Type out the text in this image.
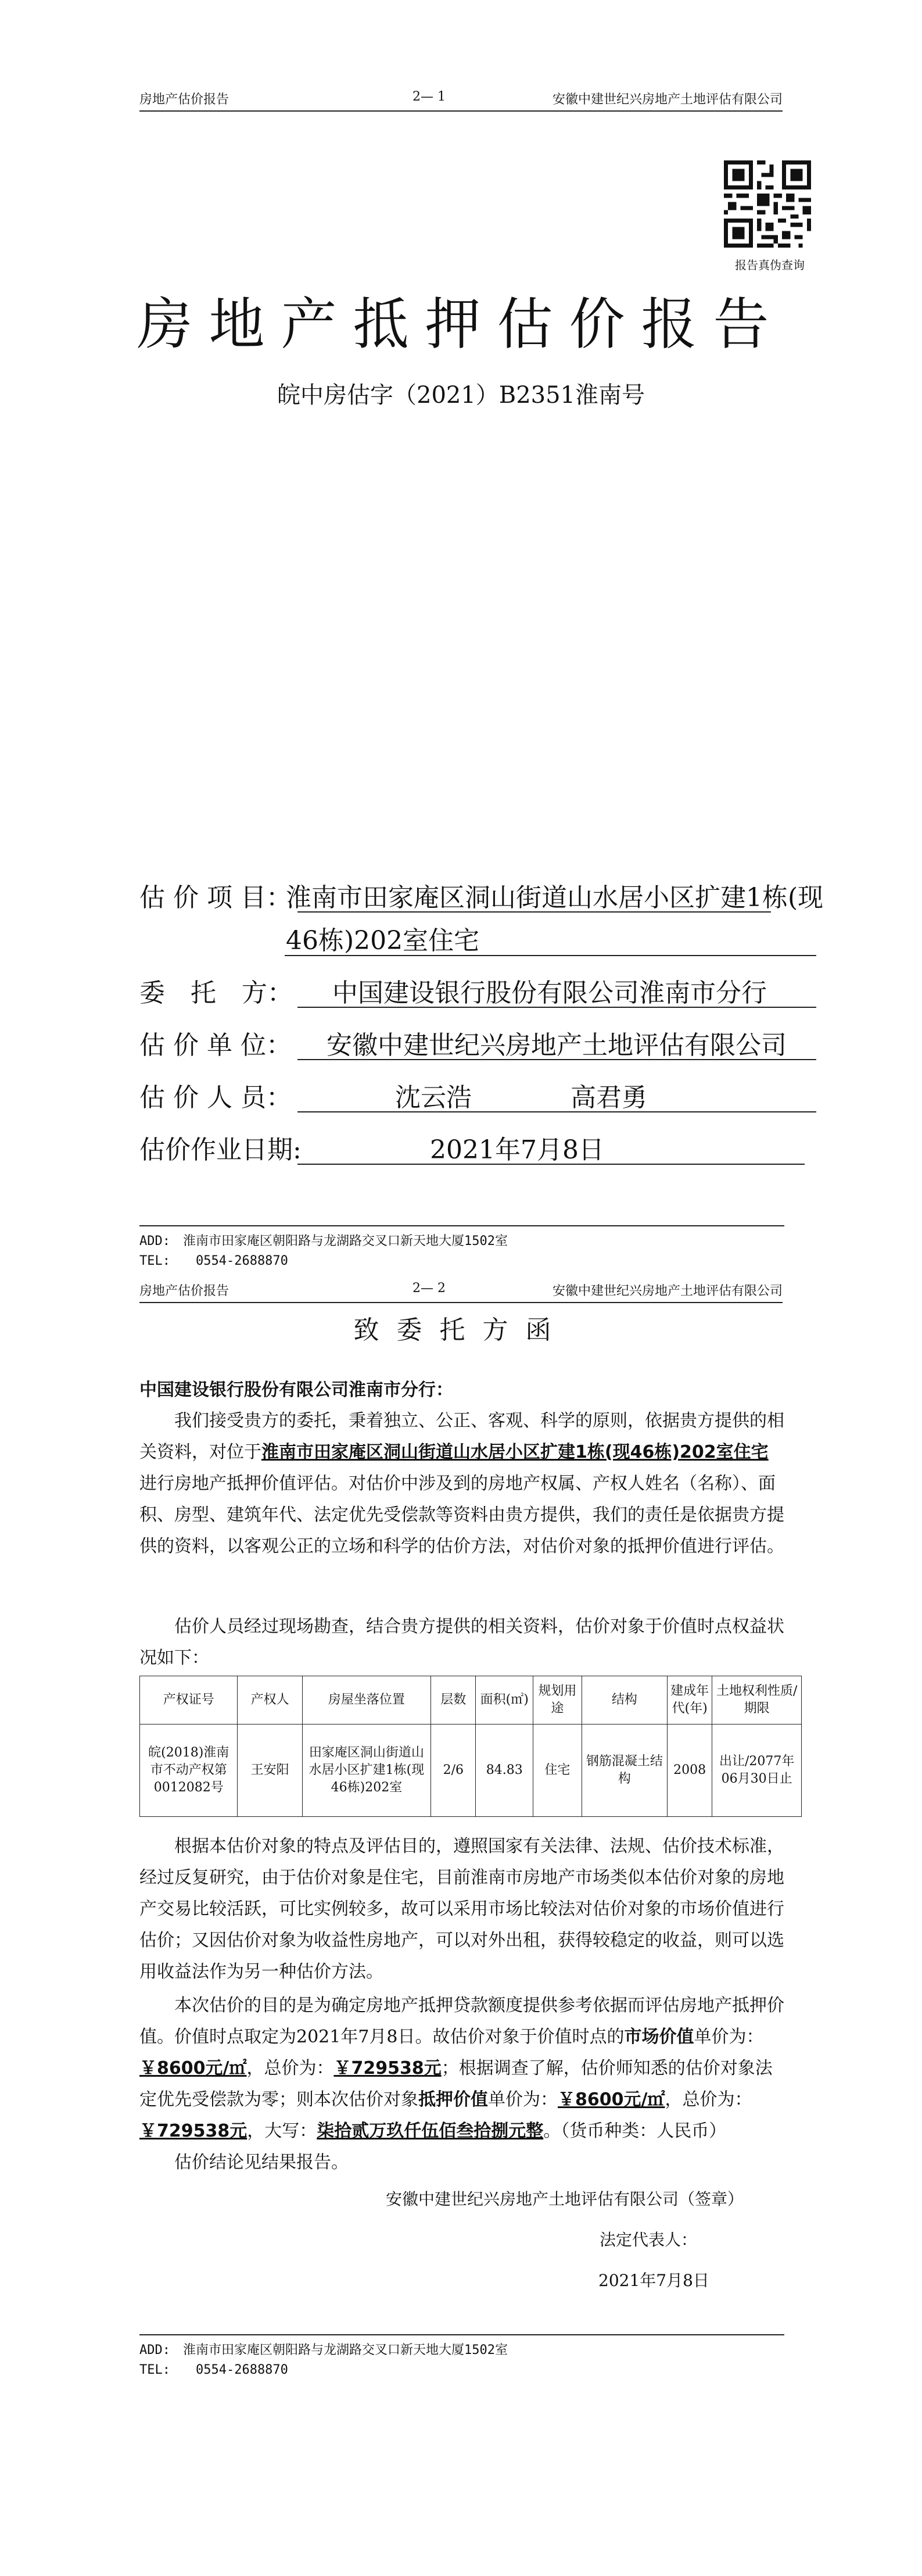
房地产估价报告	2— 1	安徽中建世纪兴房地产土地评估有限公司
报告真伪查询
房地产抵押估价报告
皖中房估字（2021）B2351淮南号
估 价 项 目：
淮南市田家庵区洞山街道山水居小区扩建1栋(现
46栋)202室住宅
委　托　方： 中国建设银行股份有限公司淮南市分行
估 价 单 位： 安徽中建世纪兴房地产土地评估有限公司
估 价 人 员：	沈云浩	高君勇
估价作业日期:	2021年7月8日
ADD:　淮南市田家庵区朝阳路与龙湖路交叉口新天地大厦1502室
TEL:　　0554-2688870
房地产估价报告	2— 2	安徽中建世纪兴房地产土地评估有限公司
致委托方函
中国建设银行股份有限公司淮南市分行：
我们接受贵方的委托，秉着独立、公正、客观、科学的原则，依据贵方提供的相关资料，对位于淮南市田家庵区洞山街道山水居小区扩建1栋(现46栋)202室住宅进行房地产抵押价值评估。对估价中涉及到的房地产权属、产权人姓名（名称）、面积、房型、建筑年代、法定优先受偿款等资料由贵方提供，我们的责任是依据贵方提供的资料，以客观公正的立场和科学的估价方法，对估价对象的抵押价值进行评估。
估价人员经过现场勘查，结合贵方提供的相关资料，估价对象于价值时点权益状况如下：
产权证号	产权人	房屋坐落位置	层数	面积(㎡)	规划用途	结构	建成年代(年)	土地权利性质/期限
皖(2018)淮南市不动产权第0012082号	王安阳	田家庵区洞山街道山水居小区扩建1栋(现46栋)202室	2/6	84.83	住宅	钢筋混凝土结构	2008	出让/2077年06月30日止
根据本估价对象的特点及评估目的，遵照国家有关法律、法规、估价技术标准，经过反复研究，由于估价对象是住宅，目前淮南市房地产市场类似本估价对象的房地产交易比较活跃，可比实例较多，故可以采用市场比较法对估价对象的市场价值进行估价；又因估价对象为收益性房地产，可以对外出租，获得较稳定的收益，则可以选用收益法作为另一种估价方法。
本次估价的目的是为确定房地产抵押贷款额度提供参考依据而评估房地产抵押价值。价值时点取定为2021年7月8日。故估价对象于价值时点的市场价值单价为：￥8600元/㎡，总价为：￥729538元；根据调查了解，估价师知悉的估价对象法定优先受偿款为零；则本次估价对象抵押价值单价为：￥8600元/㎡，总价为：￥729538元，大写：柒拾贰万玖仟伍佰叁拾捌元整。（货币种类：人民币）
估价结论见结果报告。
安徽中建世纪兴房地产土地评估有限公司（签章）
法定代表人：
2021年7月8日
ADD:　淮南市田家庵区朝阳路与龙湖路交叉口新天地大厦1502室
TEL:　　0554-2688870
